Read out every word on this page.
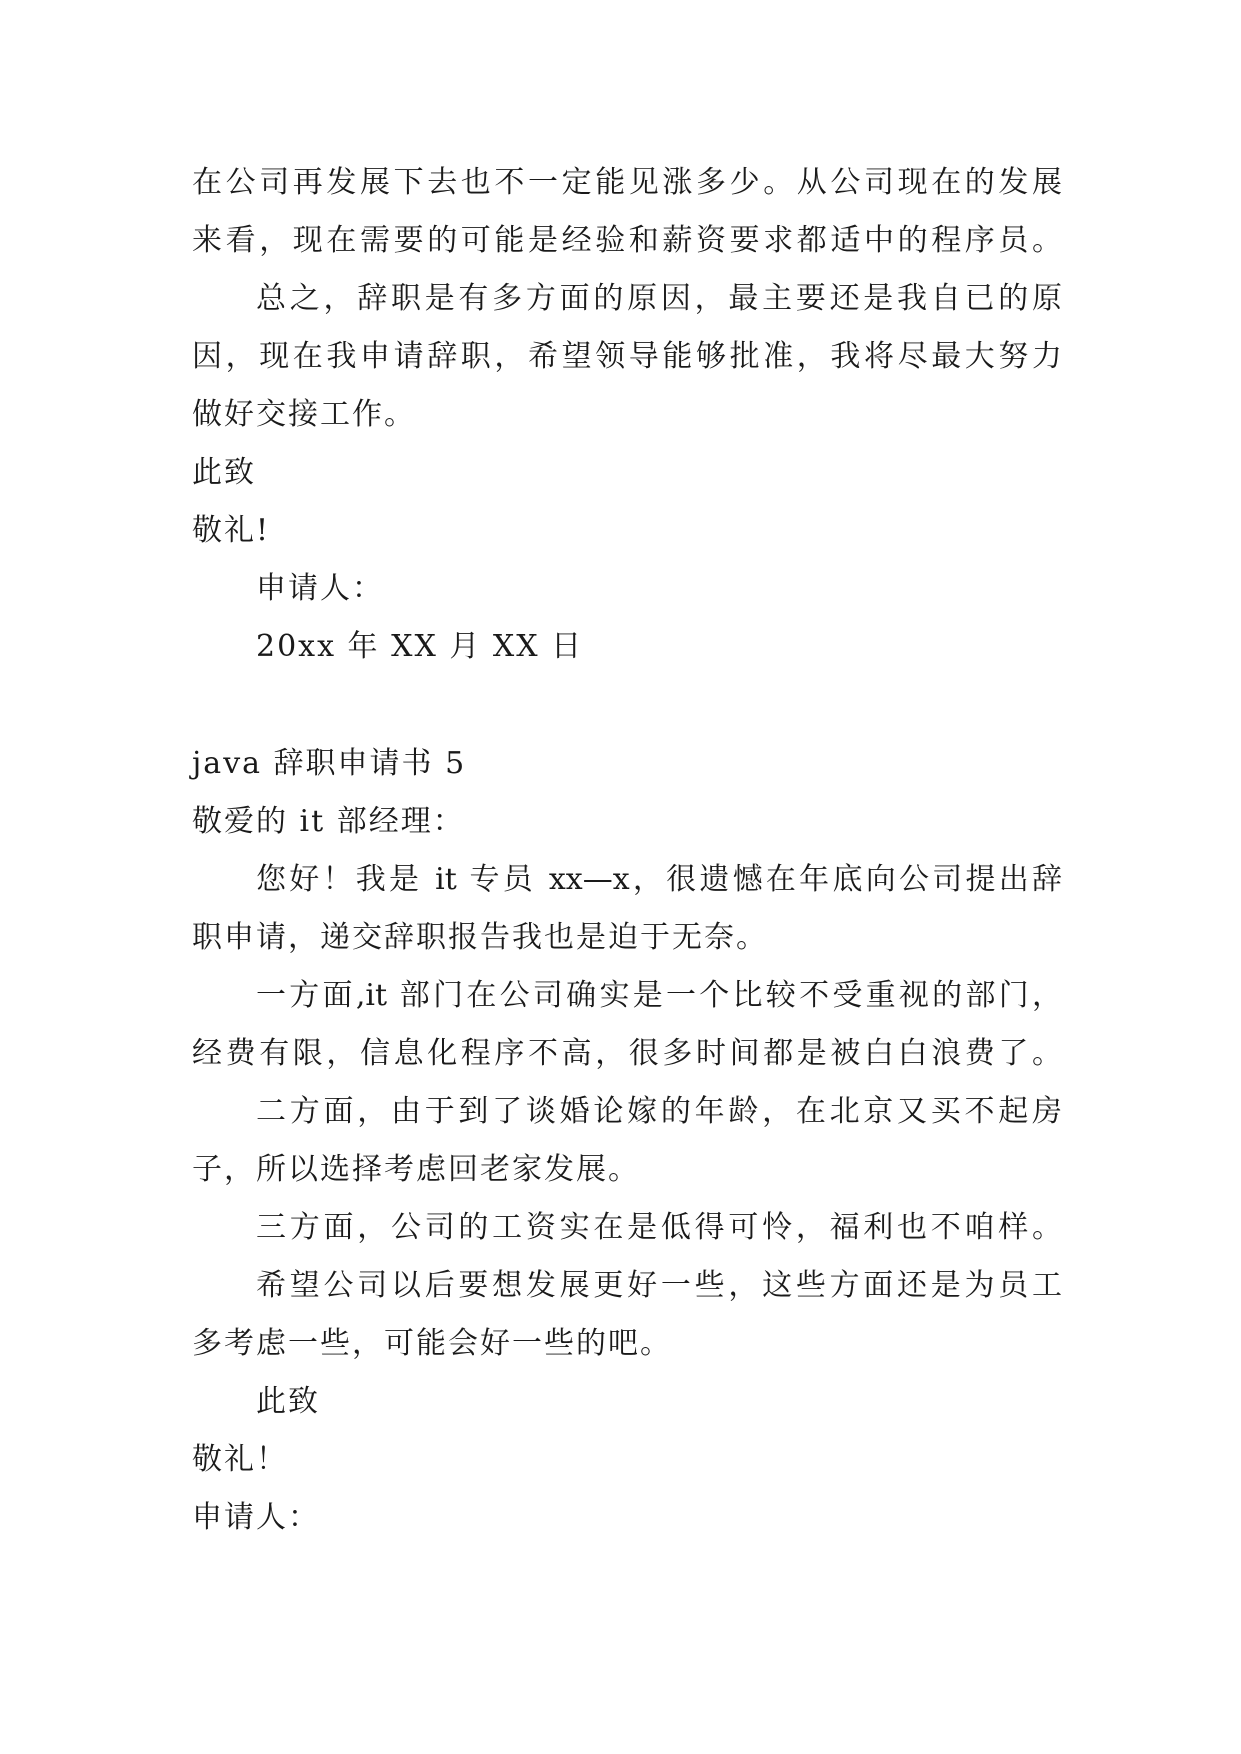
在公司再发展下去也不一定能见涨多少。从公司现在的发展
来看，现在需要的可能是经验和薪资要求都适中的程序员。
总之，辞职是有多方面的原因，最主要还是我自已的原
因，现在我申请辞职，希望领导能够批准，我将尽最大努力
做好交接工作。
此致
敬礼!
申请人：
20xx 年 XX 月 XX 日
java 辞职申请书 5
敬爱的 it 部经理：
您好！我是 it 专员 xx—x，很遗憾在年底向公司提出辞
职申请，递交辞职报告我也是迫于无奈。
一方面,it 部门在公司确实是一个比较不受重视的部门，
经费有限，信息化程序不高，很多时间都是被白白浪费了。
二方面，由于到了谈婚论嫁的年龄，在北京又买不起房
子，所以选择考虑回老家发展。
三方面，公司的工资实在是低得可怜，福利也不咱样。
希望公司以后要想发展更好一些，这些方面还是为员工
多考虑一些，可能会好一些的吧。
此致
敬礼！
申请人：
